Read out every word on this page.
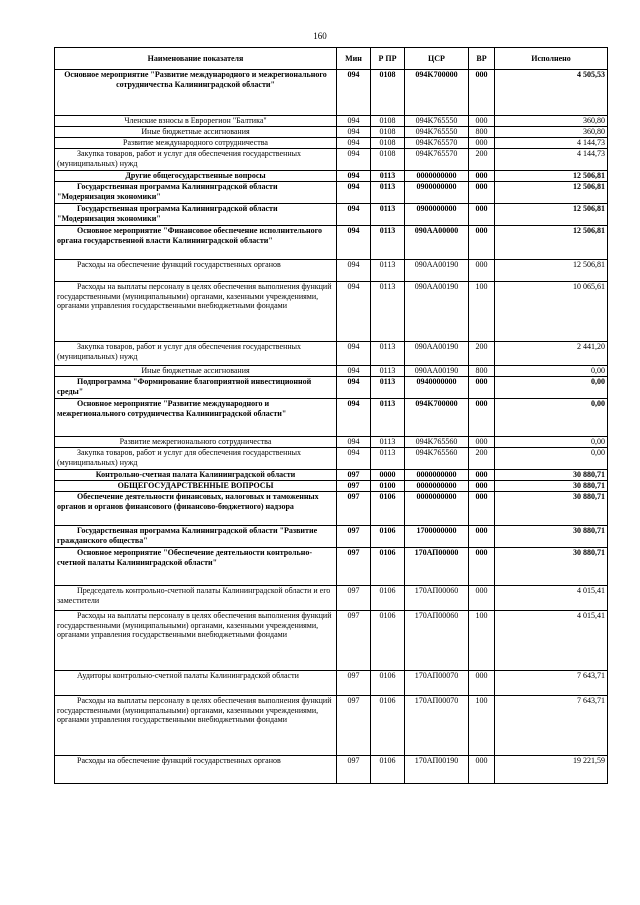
160
Наименование показателя	Мин	Р ПР	ЦСР	ВР	Исполнено
Основное мероприятие "Развитие международного и межрегионального сотрудничества Калининградской области"	094	0108	094K700000	000	4 505,53
Членские взносы в Еврорегион "Балтика"	094	0108	094K765550	000	360,80
Иные бюджетные ассигнования	094	0108	094K765550	800	360,80
Развитие международного сотрудничества	094	0108	094K765570	000	4 144,73
Закупка товаров, работ и услуг для обеспечения государственных (муниципальных) нужд	094	0108	094K765570	200	4 144,73
Другие общегосударственные вопросы	094	0113	0000000000	000	12 506,81
Государственная программа Калининградской области "Модернизация экономики"	094	0113	0900000000	000	12 506,81
Государственная программа Калининградской области "Модернизация экономики"	094	0113	0900000000	000	12 506,81
Основное мероприятие "Финансовое обеспечение исполнительного органа государственной власти Калининградской области"	094	0113	090AA00000	000	12 506,81
Расходы на обеспечение функций государственных органов	094	0113	090AA00190	000	12 506,81
Расходы на выплаты персоналу в целях обеспечения выполнения функций государственными (муниципальными) органами, казенными учреждениями, органами управления государственными внебюджетными фондами	094	0113	090AA00190	100	10 065,61
Закупка товаров, работ и услуг для обеспечения государственных (муниципальных) нужд	094	0113	090AA00190	200	2 441,20
Иные бюджетные ассигнования	094	0113	090AA00190	800	0,00
Подпрограмма "Формирование благоприятной инвестиционной среды"	094	0113	0940000000	000	0,00
Основное мероприятие "Развитие международного и межрегионального сотрудничества Калининградской области"	094	0113	094K700000	000	0,00
Развитие межрегионального сотрудничества	094	0113	094K765560	000	0,00
Закупка товаров, работ и услуг для обеспечения государственных (муниципальных) нужд	094	0113	094K765560	200	0,00
Контрольно-счетная палата Калининградской области	097	0000	0000000000	000	30 880,71
ОБЩЕГОСУДАРСТВЕННЫЕ ВОПРОСЫ	097	0100	0000000000	000	30 880,71
Обеспечение деятельности финансовых, налоговых и таможенных органов и органов финансового (финансово-бюджетного) надзора	097	0106	0000000000	000	30 880,71
Государственная программа Калининградской области "Развитие гражданского общества"	097	0106	1700000000	000	30 880,71
Основное мероприятие "Обеспечение деятельности контрольно-счетной палаты Калининградской области"	097	0106	170АП00000	000	30 880,71
Председатель контрольно-счетной палаты Калининградской области и его заместители	097	0106	170АП00060	000	4 015,41
Расходы на выплаты персоналу в целях обеспечения выполнения функций государственными (муниципальными) органами, казенными учреждениями, органами управления государственными внебюджетными фондами	097	0106	170АП00060	100	4 015,41
Аудиторы контрольно-счетной палаты Калининградской области	097	0106	170АП00070	000	7 643,71
Расходы на выплаты персоналу в целях обеспечения выполнения функций государственными (муниципальными) органами, казенными учреждениями, органами управления государственными внебюджетными фондами	097	0106	170АП00070	100	7 643,71
Расходы на обеспечение функций государственных органов	097	0106	170АП00190	000	19 221,59
